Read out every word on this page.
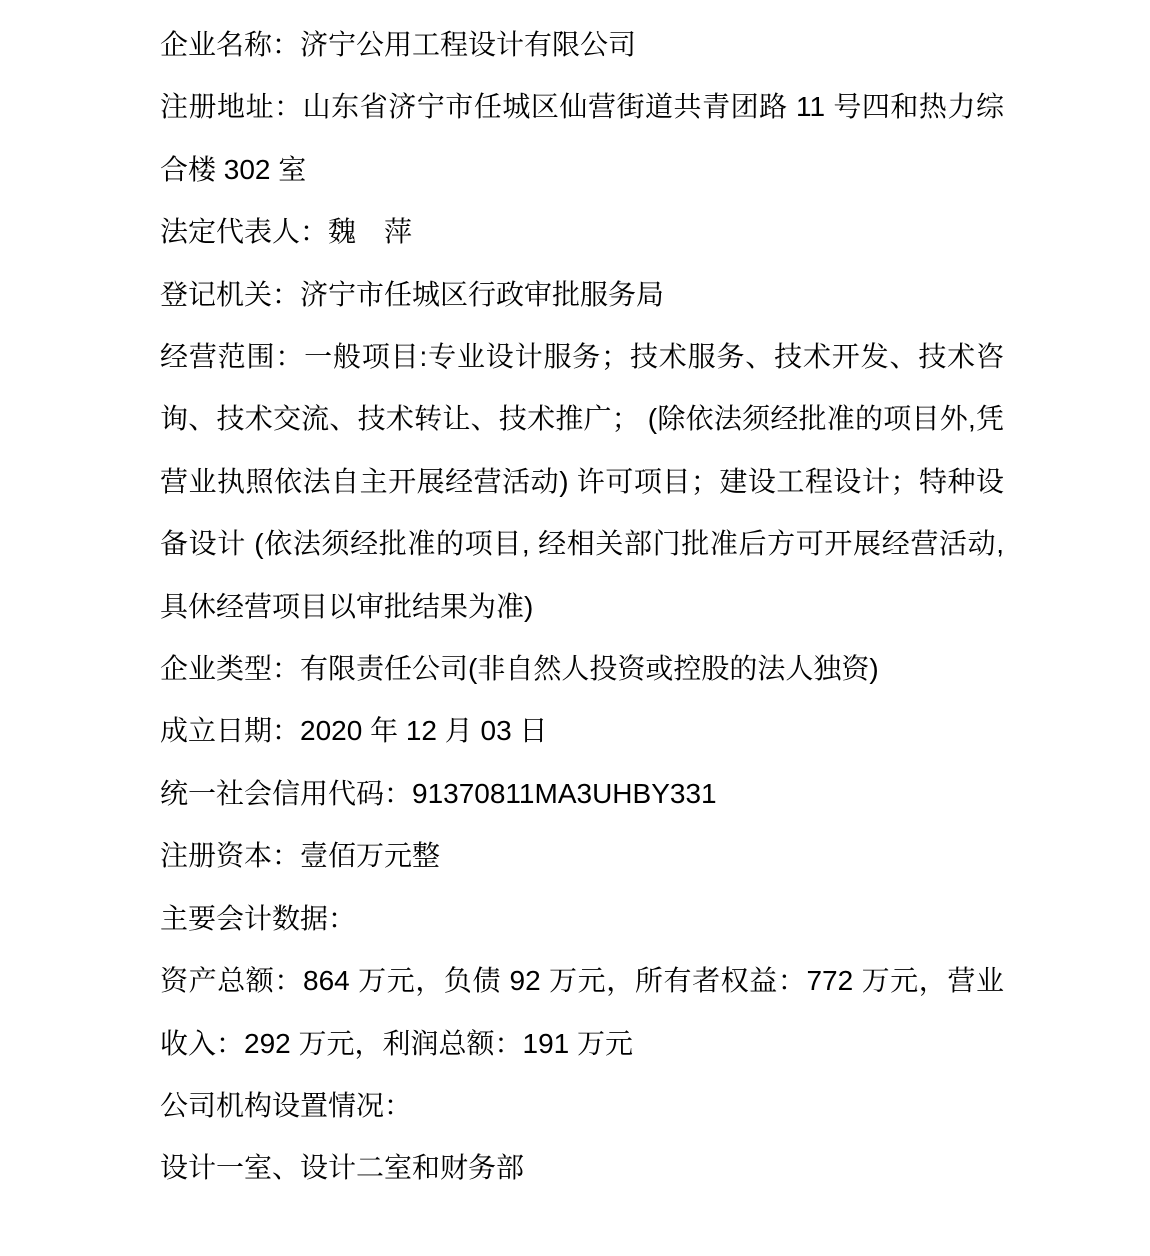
企业名称：济宁公用工程设计有限公司

注册地址：山东省济宁市任城区仙营街道共青团路 11 号四和热力综

合楼 302 室

法定代表人：魏　萍

登记机关：济宁市任城区行政审批服务局

经营范围：一般项目:专业设计服务；技术服务、技术开发、技术咨

询、技术交流、技术转让、技术推广； (除依法须经批准的项目外,凭

营业执照依法自主开展经营活动) 许可项目；建设工程设计；特种设

备设计 (依法须经批准的项目, 经相关部门批准后方可开展经营活动,

具休经营项目以审批结果为准)

企业类型：有限责任公司(非自然人投资或控股的法人独资)

成立日期：2020 年 12 月 03 日

统一社会信用代码：91370811MA3UHBY331

注册资本：壹佰万元整

主要会计数据：

资产总额：864 万元，负债 92 万元，所有者权益：772 万元，营业

收入：292 万元，利润总额：191 万元

公司机构设置情况：

设计一室、设计二室和财务部
